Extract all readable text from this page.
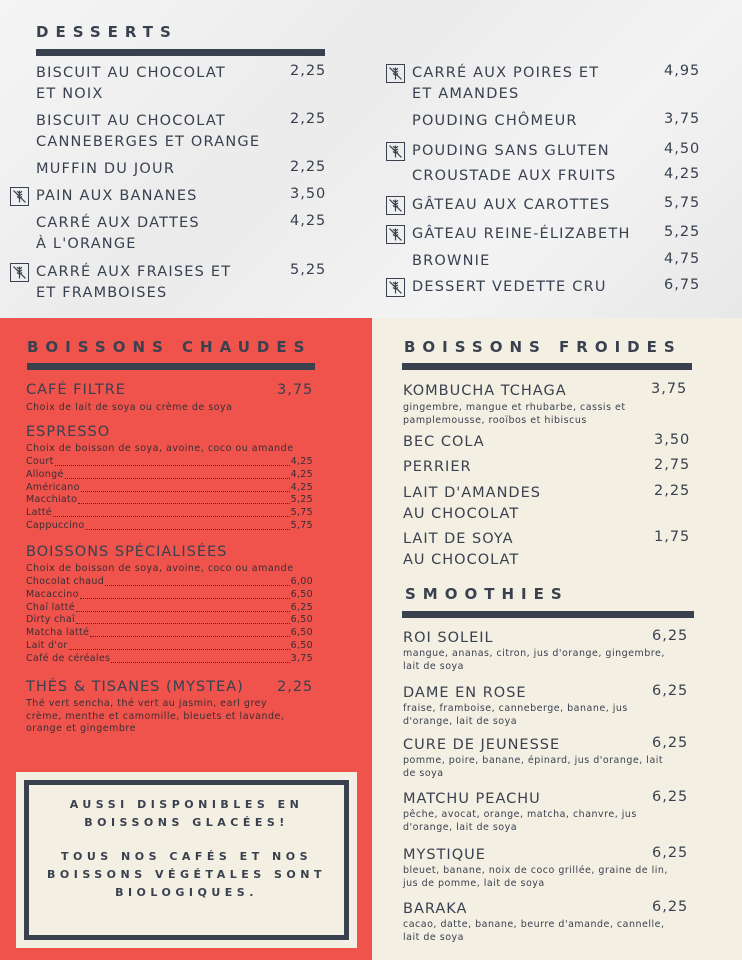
DESSERTS
BISCUIT AU CHOCOLAT
ET NOIX
2,25
BISCUIT AU CHOCOLAT
CANNEBERGES ET ORANGE
2,25
MUFFIN DU JOUR	2,25
PAIN AUX BANANES	3,50
CARRÉ AUX DATTES
À L'ORANGE
4,25
CARRÉ AUX FRAISES ET
ET FRAMBOISES
5,25
CARRÉ AUX POIRES ET
ET AMANDES
4,95
POUDING CHÔMEUR	3,75
POUDING SANS GLUTEN	4,50
CROUSTADE AUX FRUITS	4,25
GÂTEAU AUX CAROTTES	5,75
GÂTEAU REINE-ÉLIZABETH 5,25
BROWNIE	4,75
DESSERT VEDETTE CRU	6,75
BOISSONS CHAUDES
CAFÉ FILTRE	3,75
Choix de lait de soya ou crème de soya
ESPRESSO
Choix de boisson de soya, avoine, coco ou amande
Court	4,25
Allongé	4,25
Américano	4,25
Macchiato	5,25
Latté	5,75
Cappuccino	5,75
BOISSONS SPÉCIALISÉES
Choix de boisson de soya, avoine, coco ou amande
Chocolat chaud	6,00
Macaccino	6,50
Chaï latté	6,25
Dirty chaï	6,50
Matcha latté	6,50
Lait d'or	6,50
Café de céréales	3,75
THÉS & TISANES (MYSTEA) 2,25
Thé vert sencha, thé vert au jasmin, earl grey
crème, menthe et camomille, bleuets et lavande,
orange et gingembre
AUSSI DISPONIBLES EN
BOISSONS GLACÉES!
TOUS NOS CAFÉS ET NOS
BOISSONS VÉGÉTALES SONT
BIOLOGIQUES.
BOISSONS FROIDES
KOMBUCHA TCHAGA	3,75
gingembre, mangue et rhubarbe, cassis et
pamplemousse, rooïbos et hibiscus
BEC COLA	3,50
PERRIER	2,75
LAIT D'AMANDES
AU CHOCOLAT
2,25
LAIT DE SOYA
AU CHOCOLAT
1,75
SMOOTHIES
ROI SOLEIL	6,25
mangue, ananas, citron, jus d'orange, gingembre,
lait de soya
DAME EN ROSE	6,25
fraise, framboise, canneberge, banane, jus
d'orange, lait de soya
CURE DE JEUNESSE	6,25
pomme, poire, banane, épinard, jus d'orange, lait
de soya
MATCHU PEACHU	6,25
pêche, avocat, orange, matcha, chanvre, jus
d'orange, lait de soya
MYSTIQUE	6,25
bleuet, banane, noix de coco grillée, graine de lin,
jus de pomme, lait de soya
BARAKA	6,25
cacao, datte, banane, beurre d'amande, cannelle,
lait de soya
